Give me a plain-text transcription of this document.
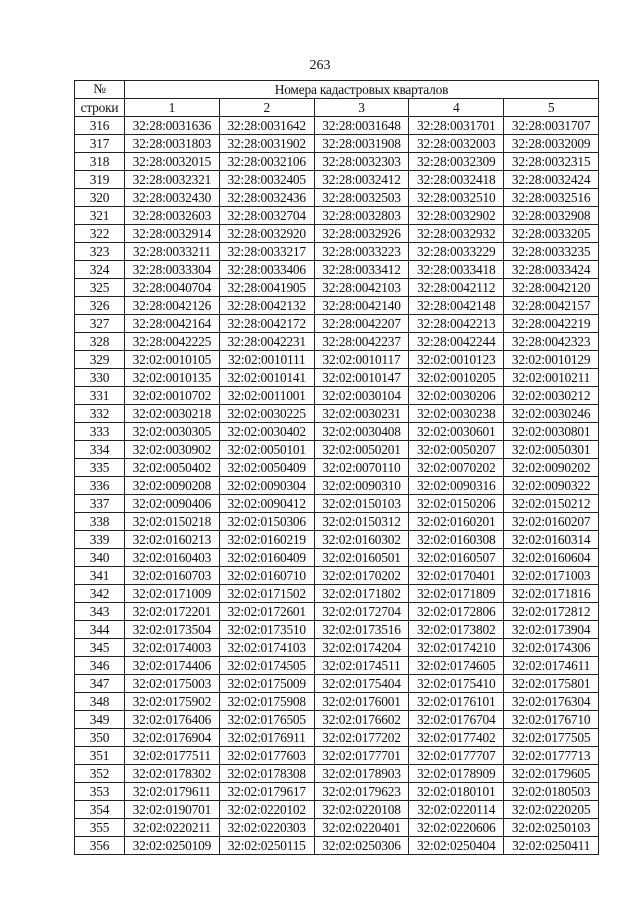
263
№	Номера кадастровых кварталов				
строки	1	2	3	4	5
316	32:28:0031636	32:28:0031642	32:28:0031648	32:28:0031701	32:28:0031707
317	32:28:0031803	32:28:0031902	32:28:0031908	32:28:0032003	32:28:0032009
318	32:28:0032015	32:28:0032106	32:28:0032303	32:28:0032309	32:28:0032315
319	32:28:0032321	32:28:0032405	32:28:0032412	32:28:0032418	32:28:0032424
320	32:28:0032430	32:28:0032436	32:28:0032503	32:28:0032510	32:28:0032516
321	32:28:0032603	32:28:0032704	32:28:0032803	32:28:0032902	32:28:0032908
322	32:28:0032914	32:28:0032920	32:28:0032926	32:28:0032932	32:28:0033205
323	32:28:0033211	32:28:0033217	32:28:0033223	32:28:0033229	32:28:0033235
324	32:28:0033304	32:28:0033406	32:28:0033412	32:28:0033418	32:28:0033424
325	32:28:0040704	32:28:0041905	32:28:0042103	32:28:0042112	32:28:0042120
326	32:28:0042126	32:28:0042132	32:28:0042140	32:28:0042148	32:28:0042157
327	32:28:0042164	32:28:0042172	32:28:0042207	32:28:0042213	32:28:0042219
328	32:28:0042225	32:28:0042231	32:28:0042237	32:28:0042244	32:28:0042323
329	32:02:0010105	32:02:0010111	32:02:0010117	32:02:0010123	32:02:0010129
330	32:02:0010135	32:02:0010141	32:02:0010147	32:02:0010205	32:02:0010211
331	32:02:0010702	32:02:0011001	32:02:0030104	32:02:0030206	32:02:0030212
332	32:02:0030218	32:02:0030225	32:02:0030231	32:02:0030238	32:02:0030246
333	32:02:0030305	32:02:0030402	32:02:0030408	32:02:0030601	32:02:0030801
334	32:02:0030902	32:02:0050101	32:02:0050201	32:02:0050207	32:02:0050301
335	32:02:0050402	32:02:0050409	32:02:0070110	32:02:0070202	32:02:0090202
336	32:02:0090208	32:02:0090304	32:02:0090310	32:02:0090316	32:02:0090322
337	32:02:0090406	32:02:0090412	32:02:0150103	32:02:0150206	32:02:0150212
338	32:02:0150218	32:02:0150306	32:02:0150312	32:02:0160201	32:02:0160207
339	32:02:0160213	32:02:0160219	32:02:0160302	32:02:0160308	32:02:0160314
340	32:02:0160403	32:02:0160409	32:02:0160501	32:02:0160507	32:02:0160604
341	32:02:0160703	32:02:0160710	32:02:0170202	32:02:0170401	32:02:0171003
342	32:02:0171009	32:02:0171502	32:02:0171802	32:02:0171809	32:02:0171816
343	32:02:0172201	32:02:0172601	32:02:0172704	32:02:0172806	32:02:0172812
344	32:02:0173504	32:02:0173510	32:02:0173516	32:02:0173802	32:02:0173904
345	32:02:0174003	32:02:0174103	32:02:0174204	32:02:0174210	32:02:0174306
346	32:02:0174406	32:02:0174505	32:02:0174511	32:02:0174605	32:02:0174611
347	32:02:0175003	32:02:0175009	32:02:0175404	32:02:0175410	32:02:0175801
348	32:02:0175902	32:02:0175908	32:02:0176001	32:02:0176101	32:02:0176304
349	32:02:0176406	32:02:0176505	32:02:0176602	32:02:0176704	32:02:0176710
350	32:02:0176904	32:02:0176911	32:02:0177202	32:02:0177402	32:02:0177505
351	32:02:0177511	32:02:0177603	32:02:0177701	32:02:0177707	32:02:0177713
352	32:02:0178302	32:02:0178308	32:02:0178903	32:02:0178909	32:02:0179605
353	32:02:0179611	32:02:0179617	32:02:0179623	32:02:0180101	32:02:0180503
354	32:02:0190701	32:02:0220102	32:02:0220108	32:02:0220114	32:02:0220205
355	32:02:0220211	32:02:0220303	32:02:0220401	32:02:0220606	32:02:0250103
356	32:02:0250109	32:02:0250115	32:02:0250306	32:02:0250404	32:02:0250411
